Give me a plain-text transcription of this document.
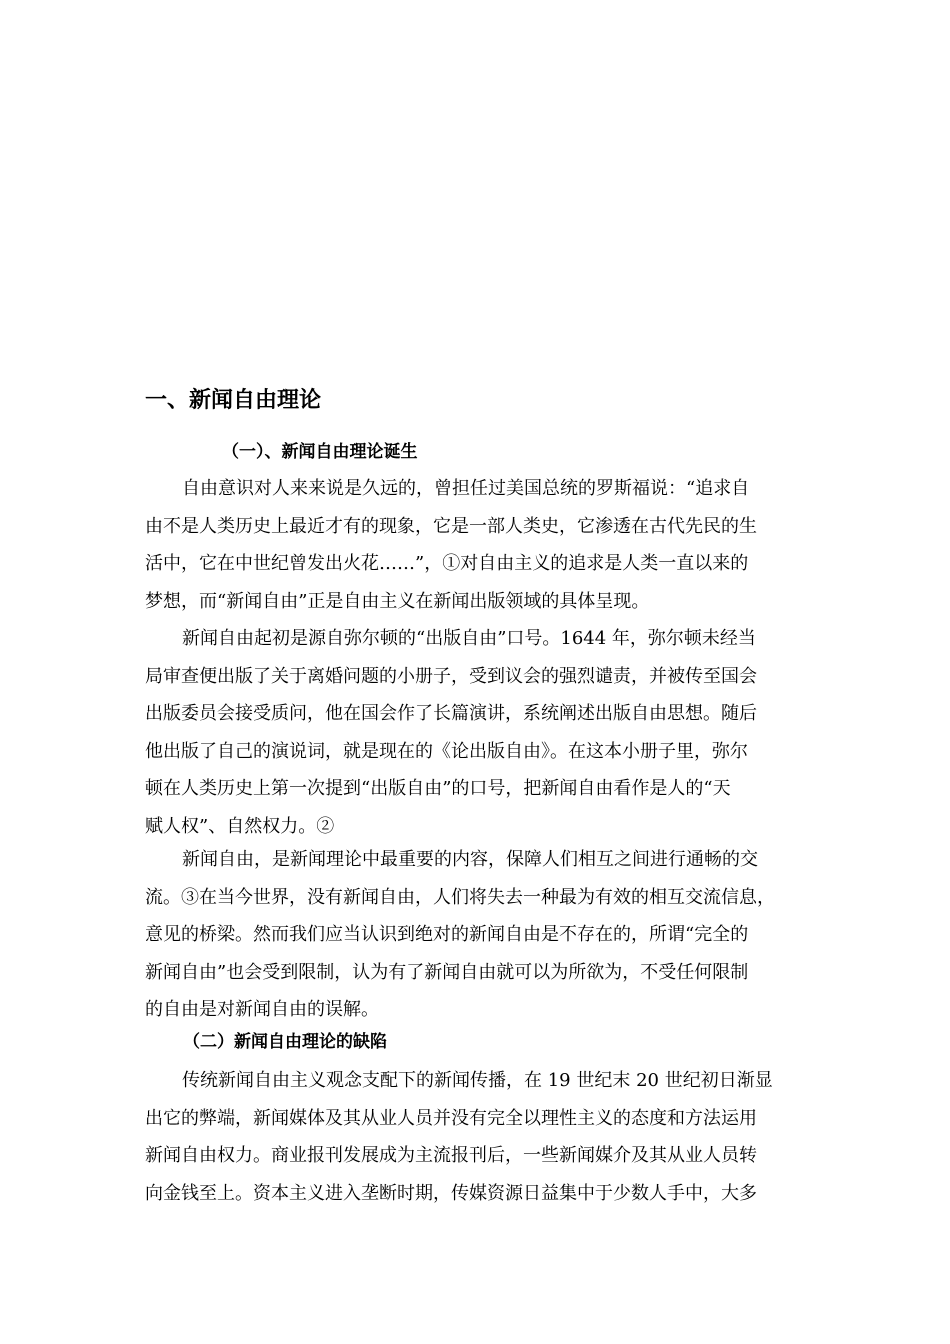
一、新闻自由理论
（一）、新闻自由理论诞生
自由意识对人来来说是久远的，曾担任过美国总统的罗斯福说：“追求自
由不是人类历史上最近才有的现象，它是一部人类史，它渗透在古代先民的生
活中，它在中世纪曾发出火花……”，①对自由主义的追求是人类一直以来的
梦想，而“新闻自由”正是自由主义在新闻出版领域的具体呈现。
新闻自由起初是源自弥尔顿的“出版自由”口号。1644 年，弥尔顿未经当
局审查便出版了关于离婚问题的小册子，受到议会的强烈谴责，并被传至国会
出版委员会接受质问，他在国会作了长篇演讲，系统阐述出版自由思想。随后
他出版了自己的演说词，就是现在的《论出版自由》。在这本小册子里，弥尔
顿在人类历史上第一次提到“出版自由”的口号，把新闻自由看作是人的“天
赋人权”、自然权力。②
新闻自由，是新闻理论中最重要的内容，保障人们相互之间进行通畅的交
流。③在当今世界，没有新闻自由，人们将失去一种最为有效的相互交流信息，
意见的桥梁。然而我们应当认识到绝对的新闻自由是不存在的，所谓“完全的
新闻自由”也会受到限制，认为有了新闻自由就可以为所欲为，不受任何限制
的自由是对新闻自由的误解。
（二）新闻自由理论的缺陷
传统新闻自由主义观念支配下的新闻传播，在 19 世纪末 20 世纪初日渐显
出它的弊端，新闻媒体及其从业人员并没有完全以理性主义的态度和方法运用
新闻自由权力。商业报刊发展成为主流报刊后，一些新闻媒介及其从业人员转
向金钱至上。资本主义进入垄断时期，传媒资源日益集中于少数人手中，大多
